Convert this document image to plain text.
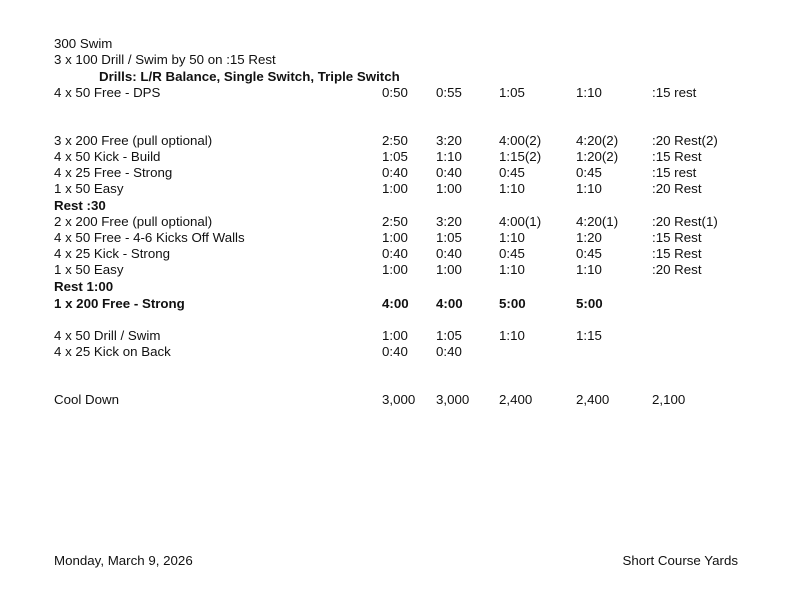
300 Swim
3 x 100 Drill / Swim by 50 on :15 Rest
Drills: L/R Balance, Single Switch, Triple Switch
4 x 50 Free - DPS	0:50 0:55	1:05	1:10	:15 rest
3 x 200 Free (pull optional)	2:50 3:20	4:00(2)	4:20(2)	:20 Rest(2)
4 x 50 Kick - Build	1:05 1:10	1:15(2)	1:20(2)	:15 Rest
4 x 25 Free - Strong	0:40 0:40	0:45	0:45	:15 rest
1 x 50 Easy	1:00 1:00	1:10	1:10	:20 Rest
Rest :30
2 x 200 Free (pull optional)	2:50 3:20	4:00(1)	4:20(1)	:20 Rest(1)
4 x 50 Free - 4-6 Kicks Off Walls	1:00 1:05	1:10	1:20	:15 Rest
4 x 25 Kick - Strong	0:40 0:40	0:45	0:45	:15 Rest
1 x 50 Easy	1:00 1:00	1:10	1:10	:20 Rest
Rest 1:00
1 x 200 Free - Strong	4:00 4:00	5:00	5:00
4 x 50 Drill / Swim	1:00 1:05	1:10	1:15
4 x 25 Kick on Back	0:40 0:40
Cool Down	3,000 3,000 2,400	2,400	2,100
Monday, March 9, 2026	Short Course Yards
